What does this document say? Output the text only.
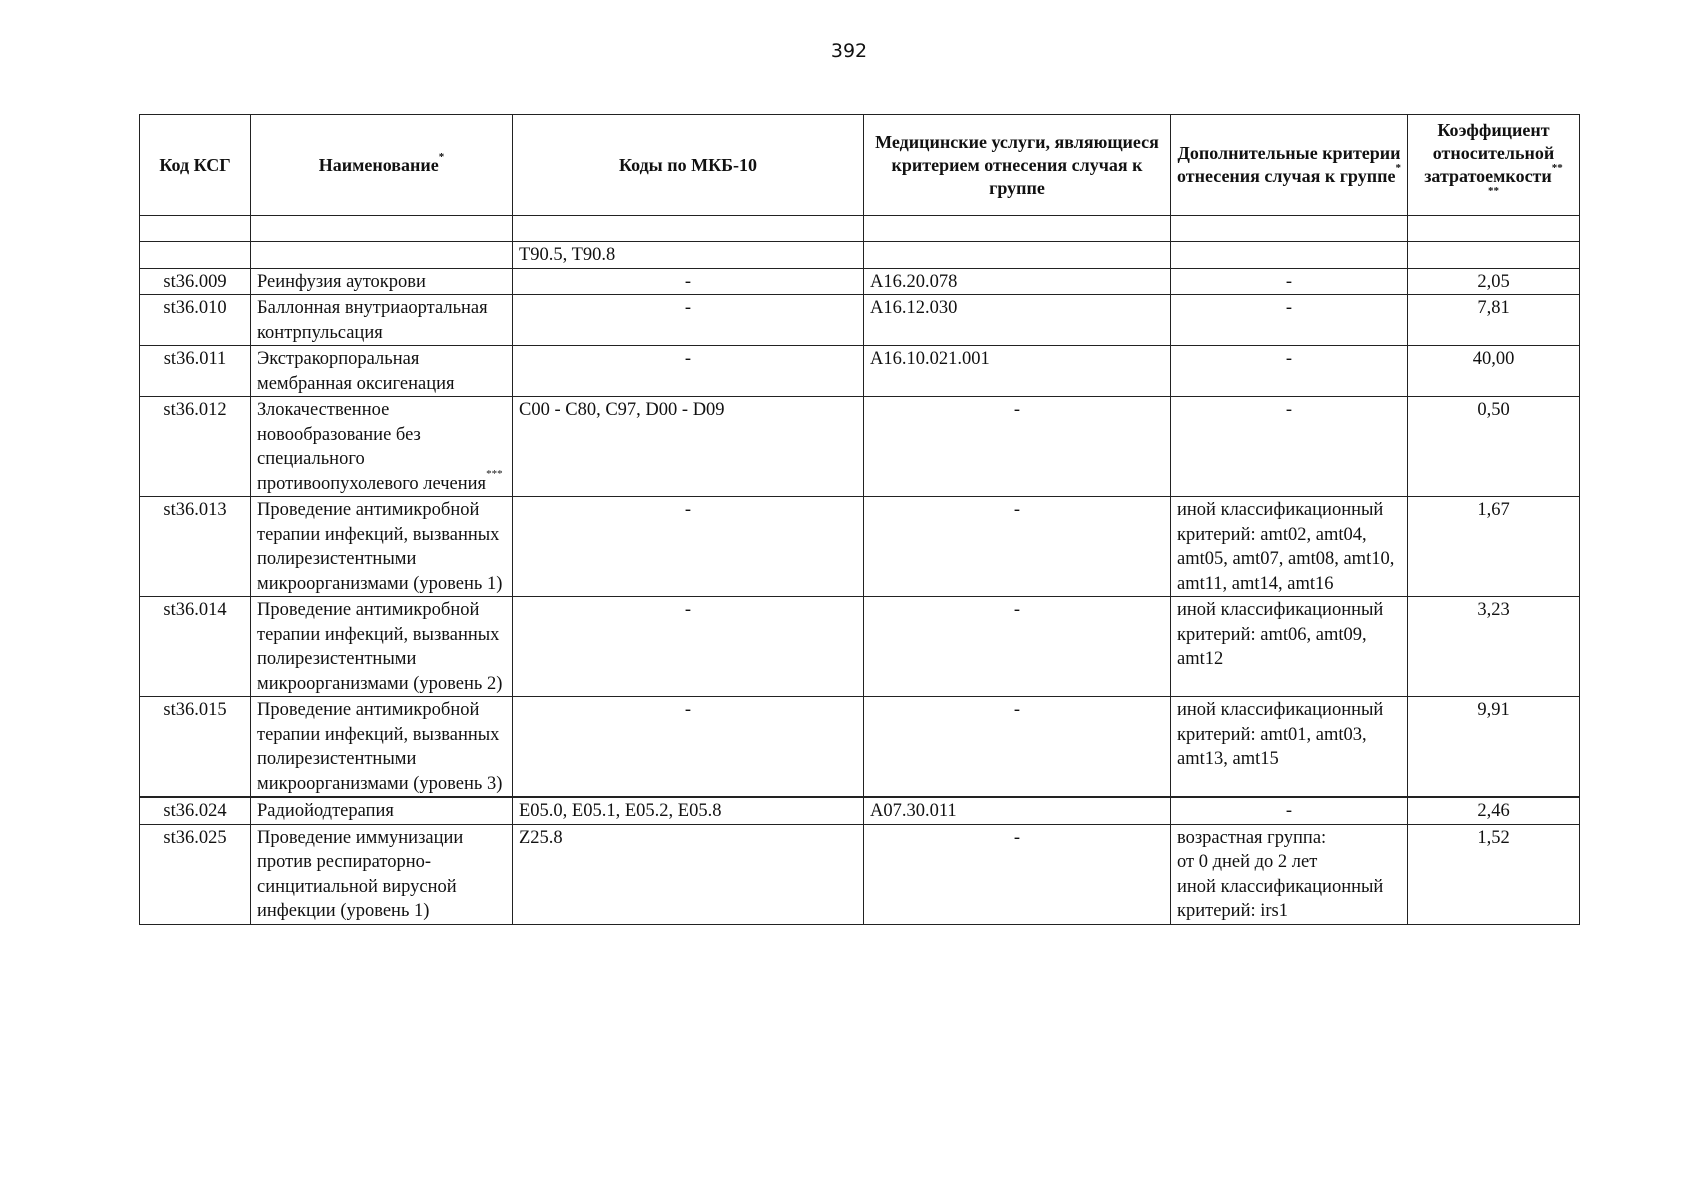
392
Код КСГ	Наименование*	Коды по МКБ-10	Медицинские услуги, являющиеся критерием отнесения случая к группе	Дополнительные критерии отнесения случая к группе*	Коэффициент относительной затратоемкости**
**

		T90.5, T90.8			
st36.009	Реинфузия аутокрови	-	A16.20.078	-	2,05
st36.010	Баллонная внутриаортальная контрпульсация	-	A16.12.030	-	7,81
st36.011	Экстракорпоральная мембранная оксигенация	-	A16.10.021.001	-	40,00
st36.012	Злокачественное новообразование без специального противоопухолевого лечения***	C00 - C80, C97, D00 - D09	-	-	0,50
st36.013	Проведение антимикробной терапии инфекций, вызванных полирезистентными микроорганизмами (уровень 1)	-	-	иной классификационный критерий: amt02, amt04, amt05, amt07, amt08, amt10, amt11, amt14, amt16	1,67
st36.014	Проведение антимикробной терапии инфекций, вызванных полирезистентными микроорганизмами (уровень 2)	-	-	иной классификационный критерий: amt06, amt09, amt12	3,23
st36.015	Проведение антимикробной терапии инфекций, вызванных полирезистентными микроорганизмами (уровень 3)	-	-	иной классификационный критерий: amt01, amt03, amt13, amt15	9,91
st36.024	Радиойодтерапия	E05.0, E05.1, E05.2, E05.8	A07.30.011	-	2,46
st36.025	Проведение иммунизации против респираторно-синцитиальной вирусной инфекции (уровень 1)	Z25.8	-	возрастная группа:
от 0 дней до 2 лет
иной классификационный критерий: irs1	1,52
